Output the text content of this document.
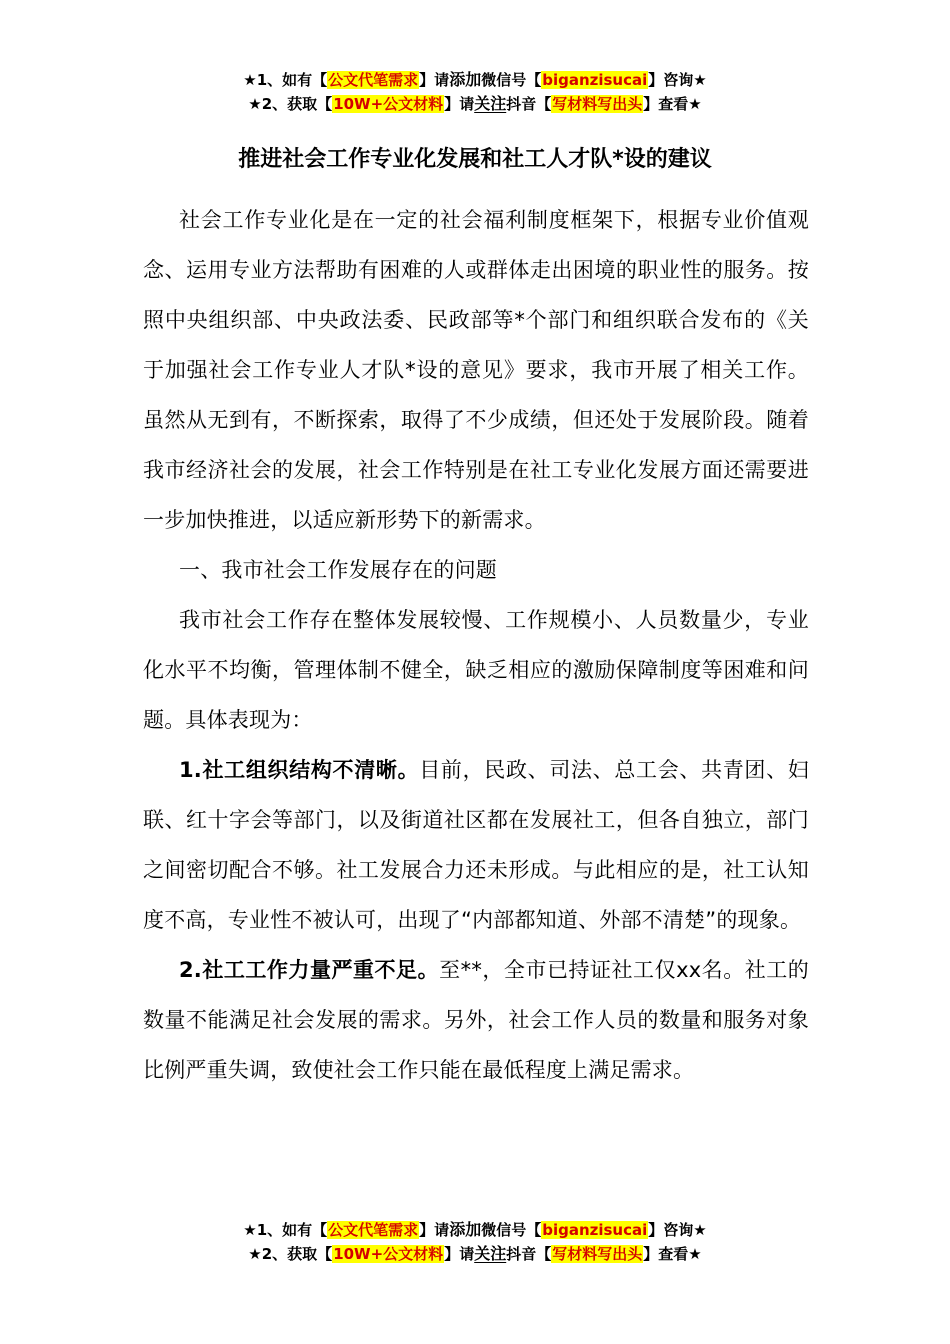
★1、如有【公文代笔需求】请添加微信号【biganzisucai】咨询★
★2、获取【10W+公文材料】请关注抖音【写材料写出头】查看★
推进社会工作专业化发展和社工人才队*设的建议

社会工作专业化是在一定的社会福利制度框架下，根据专业价值观念、运用专业方法帮助有困难的人或群体走出困境的职业性的服务。按照中央组织部、中央政法委、民政部等*个部门和组织联合发布的《关于加强社会工作专业人才队*设的意见》要求，我市开展了相关工作。虽然从无到有，不断探索，取得了不少成绩，但还处于发展阶段。随着我市经济社会的发展，社会工作特别是在社工专业化发展方面还需要进一步加快推进，以适应新形势下的新需求。

一、我市社会工作发展存在的问题

我市社会工作存在整体发展较慢、工作规模小、人员数量少，专业化水平不均衡，管理体制不健全，缺乏相应的激励保障制度等困难和问题。具体表现为：

1.社工组织结构不清晰。目前，民政、司法、总工会、共青团、妇联、红十字会等部门，以及街道社区都在发展社工，但各自独立，部门之间密切配合不够。社工发展合力还未形成。与此相应的是，社工认知度不高，专业性不被认可，出现了“内部都知道、外部不清楚”的现象。

2.社工工作力量严重不足。至**，全市已持证社工仅xx名。社工的数量不能满足社会发展的需求。另外，社会工作人员的数量和服务对象比例严重失调，致使社会工作只能在最低程度上满足需求。

★1、如有【公文代笔需求】请添加微信号【biganzisucai】咨询★
★2、获取【10W+公文材料】请关注抖音【写材料写出头】查看★
